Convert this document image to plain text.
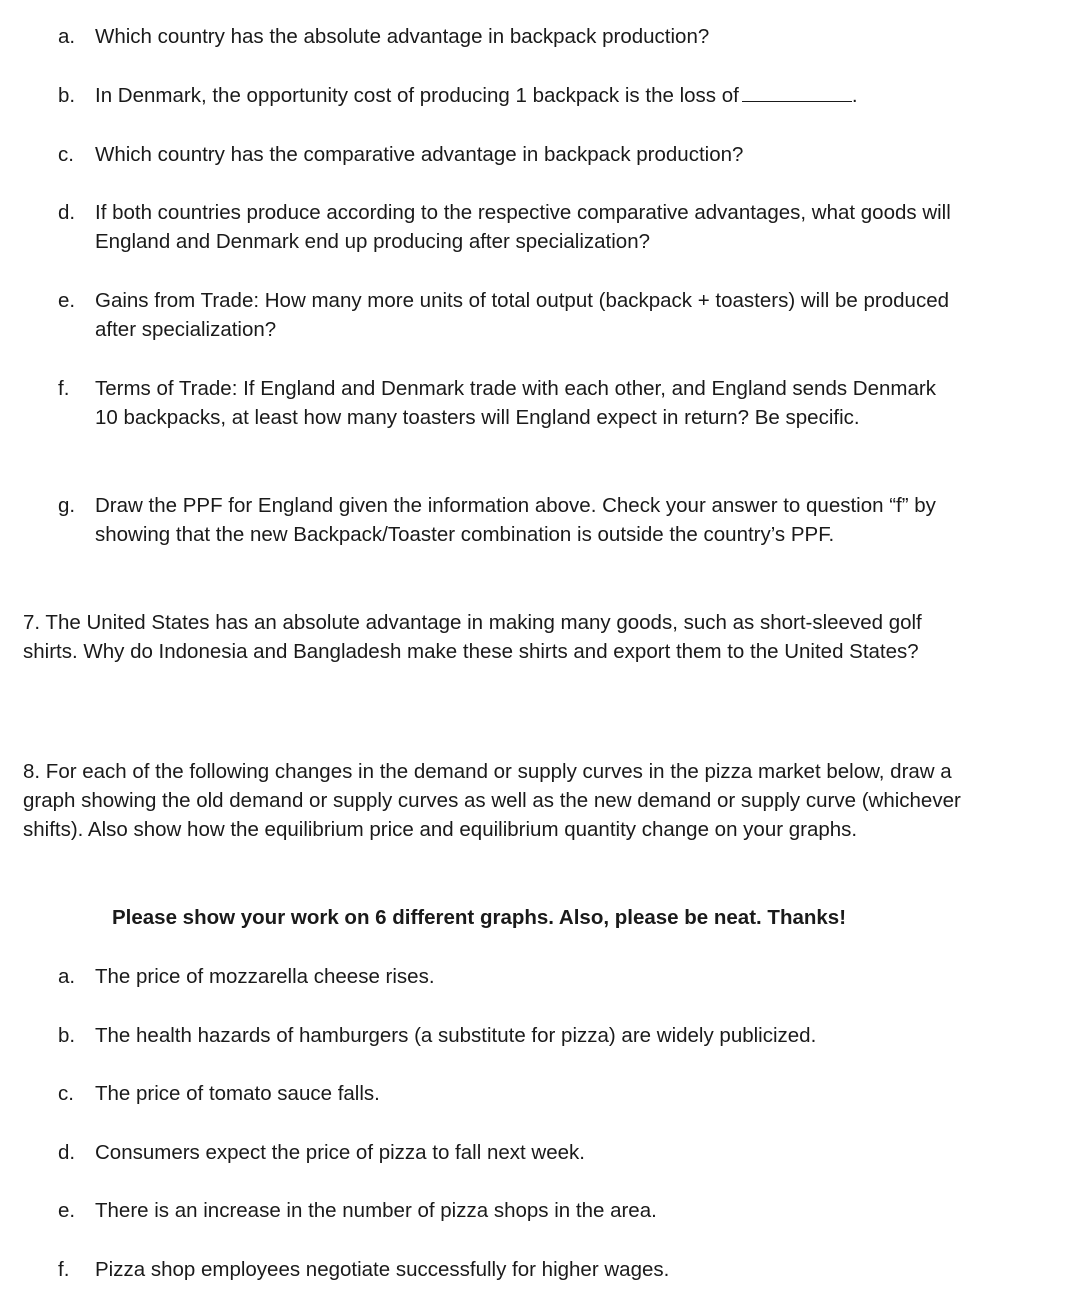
a. Which country has the absolute advantage in backpack production?
b. In Denmark, the opportunity cost of producing 1 backpack is the loss of	.
c.	Which country has the comparative advantage in backpack production?
d. If both countries produce according to the respective comparative advantages, what goods will England and Denmark end up producing after specialization?
e. Gains from Trade: How many more units of total output (backpack + toasters) will be produced after specialization?
f.	Terms of Trade: If England and Denmark trade with each other, and England sends Denmark 10 backpacks, at least how many toasters will England expect in return? Be specific.
g. Draw the PPF for England given the information above. Check your answer to question “f” by showing that the new Backpack/Toaster combination is outside the country’s PPF.
7. The United States has an absolute advantage in making many goods, such as short-sleeved golf shirts. Why do Indonesia and Bangladesh make these shirts and export them to the United States?
8. For each of the following changes in the demand or supply curves in the pizza market below, draw a graph showing the old demand or supply curves as well as the new demand or supply curve (whichever shifts). Also show how the equilibrium price and equilibrium quantity change on your graphs.
Please show your work on 6 different graphs. Also, please be neat. Thanks!
a. The price of mozzarella cheese rises.
b. The health hazards of hamburgers (a substitute for pizza) are widely publicized.
c.	The price of tomato sauce falls.
d. Consumers expect the price of pizza to fall next week.
e. There is an increase in the number of pizza shops in the area.
f.	Pizza shop employees negotiate successfully for higher wages.
